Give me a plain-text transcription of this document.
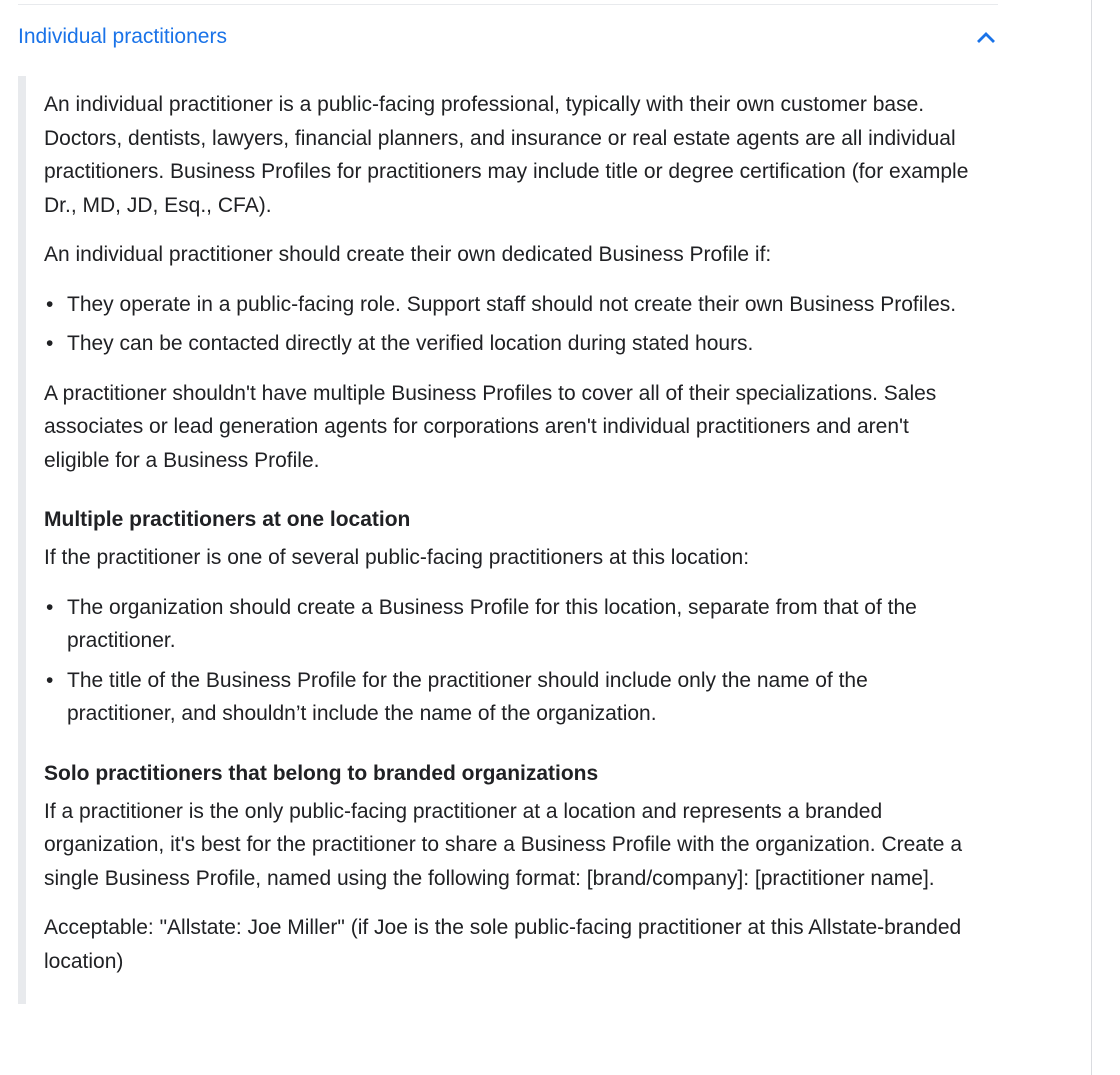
Individual practitioners

An individual practitioner is a public-facing professional, typically with their own customer base. Doctors, dentists, lawyers, financial planners, and insurance or real estate agents are all individual practitioners. Business Profiles for practitioners may include title or degree certification (for example Dr., MD, JD, Esq., CFA).

An individual practitioner should create their own dedicated Business Profile if:

• They operate in a public-facing role. Support staff should not create their own Business Profiles.
• They can be contacted directly at the verified location during stated hours.

A practitioner shouldn't have multiple Business Profiles to cover all of their specializations. Sales associates or lead generation agents for corporations aren't individual practitioners and aren't eligible for a Business Profile.

Multiple practitioners at one location

If the practitioner is one of several public-facing practitioners at this location:

• The organization should create a Business Profile for this location, separate from that of the practitioner.
• The title of the Business Profile for the practitioner should include only the name of the practitioner, and shouldn’t include the name of the organization.
Solo practitioners that belong to branded organizations

If a practitioner is the only public-facing practitioner at a location and represents a branded organization, it's best for the practitioner to share a Business Profile with the organization. Create a single Business Profile, named using the following format: [brand/company]: [practitioner name].

Acceptable: "Allstate: Joe Miller" (if Joe is the sole public-facing practitioner at this Allstate-branded location)
